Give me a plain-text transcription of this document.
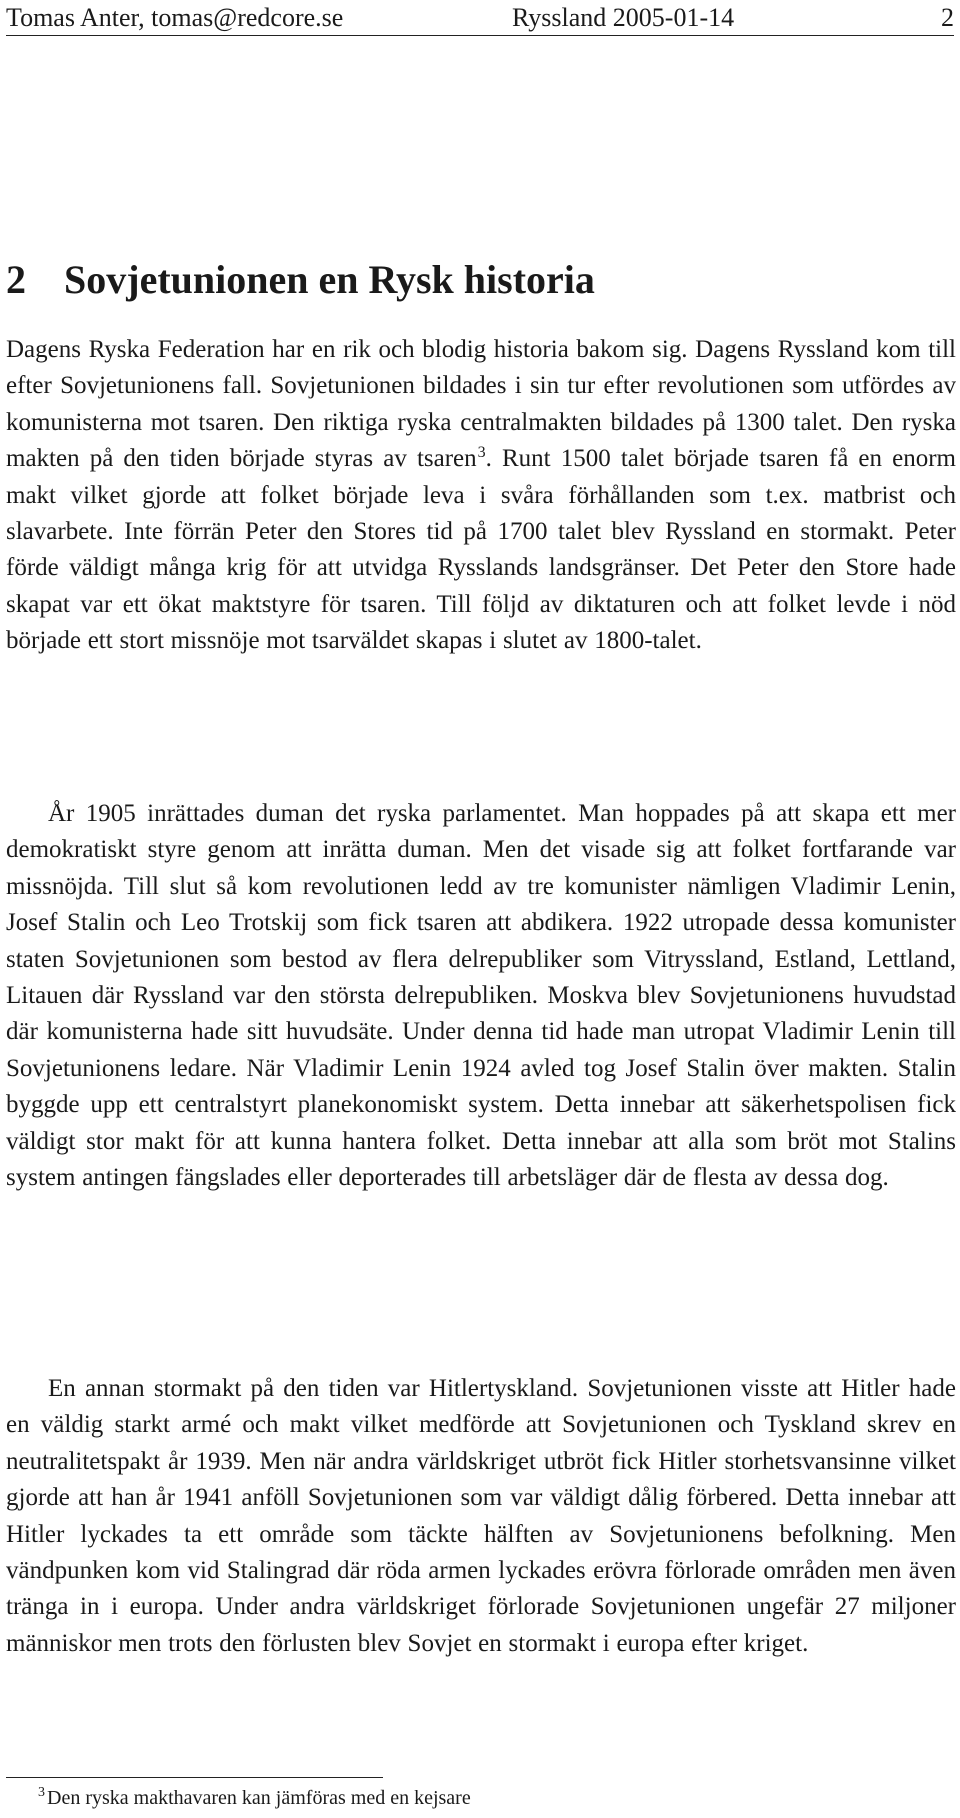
Tomas Anter, tomas@redcore.se	Ryssland 2005-01-14	2
2 Sovjetunionen en Rysk historia

Dagens Ryska Federation har en rik och blodig historia bakom sig. Dagens Ryssland kom till efter Sovjetunionens fall. Sovjetunionen bildades i sin tur efter revolutionen som utfördes av komunisterna mot tsaren. Den riktiga ryska centralmakten bildades på 1300 talet. Den ryska makten på den tiden började styras av tsaren$^3$. Runt 1500 talet började tsaren få en enorm makt vilket gjorde att folket började leva i svåra förhållanden som t.ex. matbrist och slavarbete. Inte förrän Peter den Stores tid på 1700 talet blev Ryssland en stormakt. Peter förde väldigt många krig för att utvidga Rysslands landsgränser. Det Peter den Store hade skapat var ett ökat maktstyre för tsaren. Till följd av diktaturen och att folket levde i nöd började ett stort missnöje mot tsarväldet skapas i slutet av 1800-talet.

År 1905 inrättades duman det ryska parlamentet. Man hoppades på att skapa ett mer demokratiskt styre genom att inrätta duman. Men det visade sig att folket fortfarande var missnöjda. Till slut så kom revolutionen ledd av tre komunister nämligen Vladimir Lenin, Josef Stalin och Leo Trotskij som fick tsaren att abdikera. 1922 utropade dessa komunister staten Sovjetunionen som bestod av flera delrepubliker som Vitryssland, Estland, Lettland, Litauen där Ryssland var den största delrepubliken. Moskva blev Sovjetunionens huvudstad där komunisterna hade sitt huvudsäte. Under denna tid hade man utropat Vladimir Lenin till Sovjetunionens ledare. När Vladimir Lenin 1924 avled tog Josef Stalin över makten. Stalin byggde upp ett centralstyrt planekonomiskt system. Detta innebar att säkerhetspolisen fick väldigt stor makt för att kunna hantera folket. Detta innebar att alla som bröt mot Stalins system antingen fängslades eller deporterades till arbetsläger där de flesta av dessa dog.

En annan stormakt på den tiden var Hitlertyskland. Sovjetunionen visste att Hitler hade en väldig starkt armé och makt vilket medförde att Sovjetunionen och Tyskland skrev en neutralitetspakt år 1939. Men när andra världskriget utbröt fick Hitler storhetsvansinne vilket gjorde att han år 1941 anföll Sovjetunionen som var väldigt dålig förbered. Detta innebar att Hitler lyckades ta ett område som täckte hälften av Sovjetunionens befolkning. Men vändpunken kom vid Stalingrad där röda armen lyckades erövra förlorade områden men även tränga in i europa. Under andra världskriget förlorade Sovjetunionen ungefär 27 miljoner människor men trots den förlusten blev Sovjet en stormakt i europa efter kriget.

$^3$ Den ryska makthavaren kan jämföras med en kejsare
